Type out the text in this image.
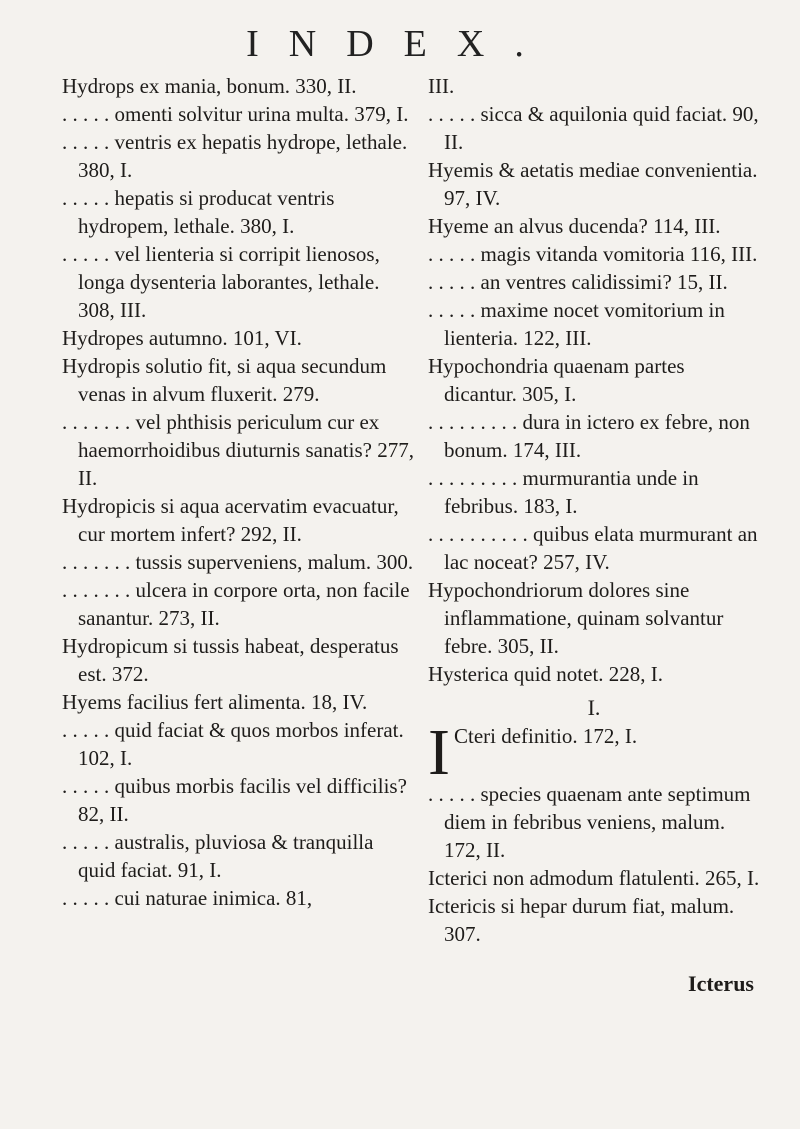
INDEX.

Hydrops ex mania, bonum. 330, II.

. . . . . omenti solvitur urina multa. 379, I.

. . . . . ventris ex hepatis hydrope, lethale. 380, I.

. . . . . hepatis si producat ventris hydropem, lethale. 380, I.

. . . . . vel lienteria si corripit lienosos, longa dysenteria laborantes, lethale. 308, III.

Hydropes autumno. 101, VI.

Hydropis solutio fit, si aqua secundum venas in alvum fluxerit. 279.

. . . . . . . vel phthisis periculum cur ex haemorrhoidibus diuturnis sanatis? 277, II.

Hydropicis si aqua acervatim evacuatur, cur mortem infert? 292, II.

. . . . . . . tussis superveniens, malum. 300.

. . . . . . . ulcera in corpore orta, non facile sanantur. 273, II.

Hydropicum si tussis habeat, desperatus est. 372.

Hyems facilius fert alimenta. 18, IV.

. . . . . quid faciat & quos morbos inferat. 102, I.

. . . . . quibus morbis facilis vel difficilis? 82, II.

. . . . . australis, pluviosa & tranquilla quid faciat. 91, I.

. . . . . cui naturae inimica. 81,

III.

. . . . . sicca & aquilonia quid faciat. 90, II.

Hyemis & aetatis mediae convenientia. 97, IV.

Hyeme an alvus ducenda? 114, III.

. . . . . magis vitanda vomitoria 116, III.

. . . . . an ventres calidissimi? 15, II.

. . . . . maxime nocet vomitorium in lienteria. 122, III.

Hypochondria quaenam partes dicantur. 305, I.

. . . . . . . . . dura in ictero ex febre, non bonum. 174, III.

. . . . . . . . . murmurantia unde in febribus. 183, I.

. . . . . . . . . . quibus elata murmurant an lac noceat? 257, IV.

Hypochondriorum dolores sine inflammatione, quinam solvantur febre. 305, II.

Hysterica quid notet. 228, I.

I.

I Cteri definitio. 172, I.

. . . . . species quaenam ante septimum diem in febribus veniens, malum. 172, II.

Icterici non admodum flatulenti. 265, I.

Ictericis si hepar durum fiat, malum. 307.

Icterus
